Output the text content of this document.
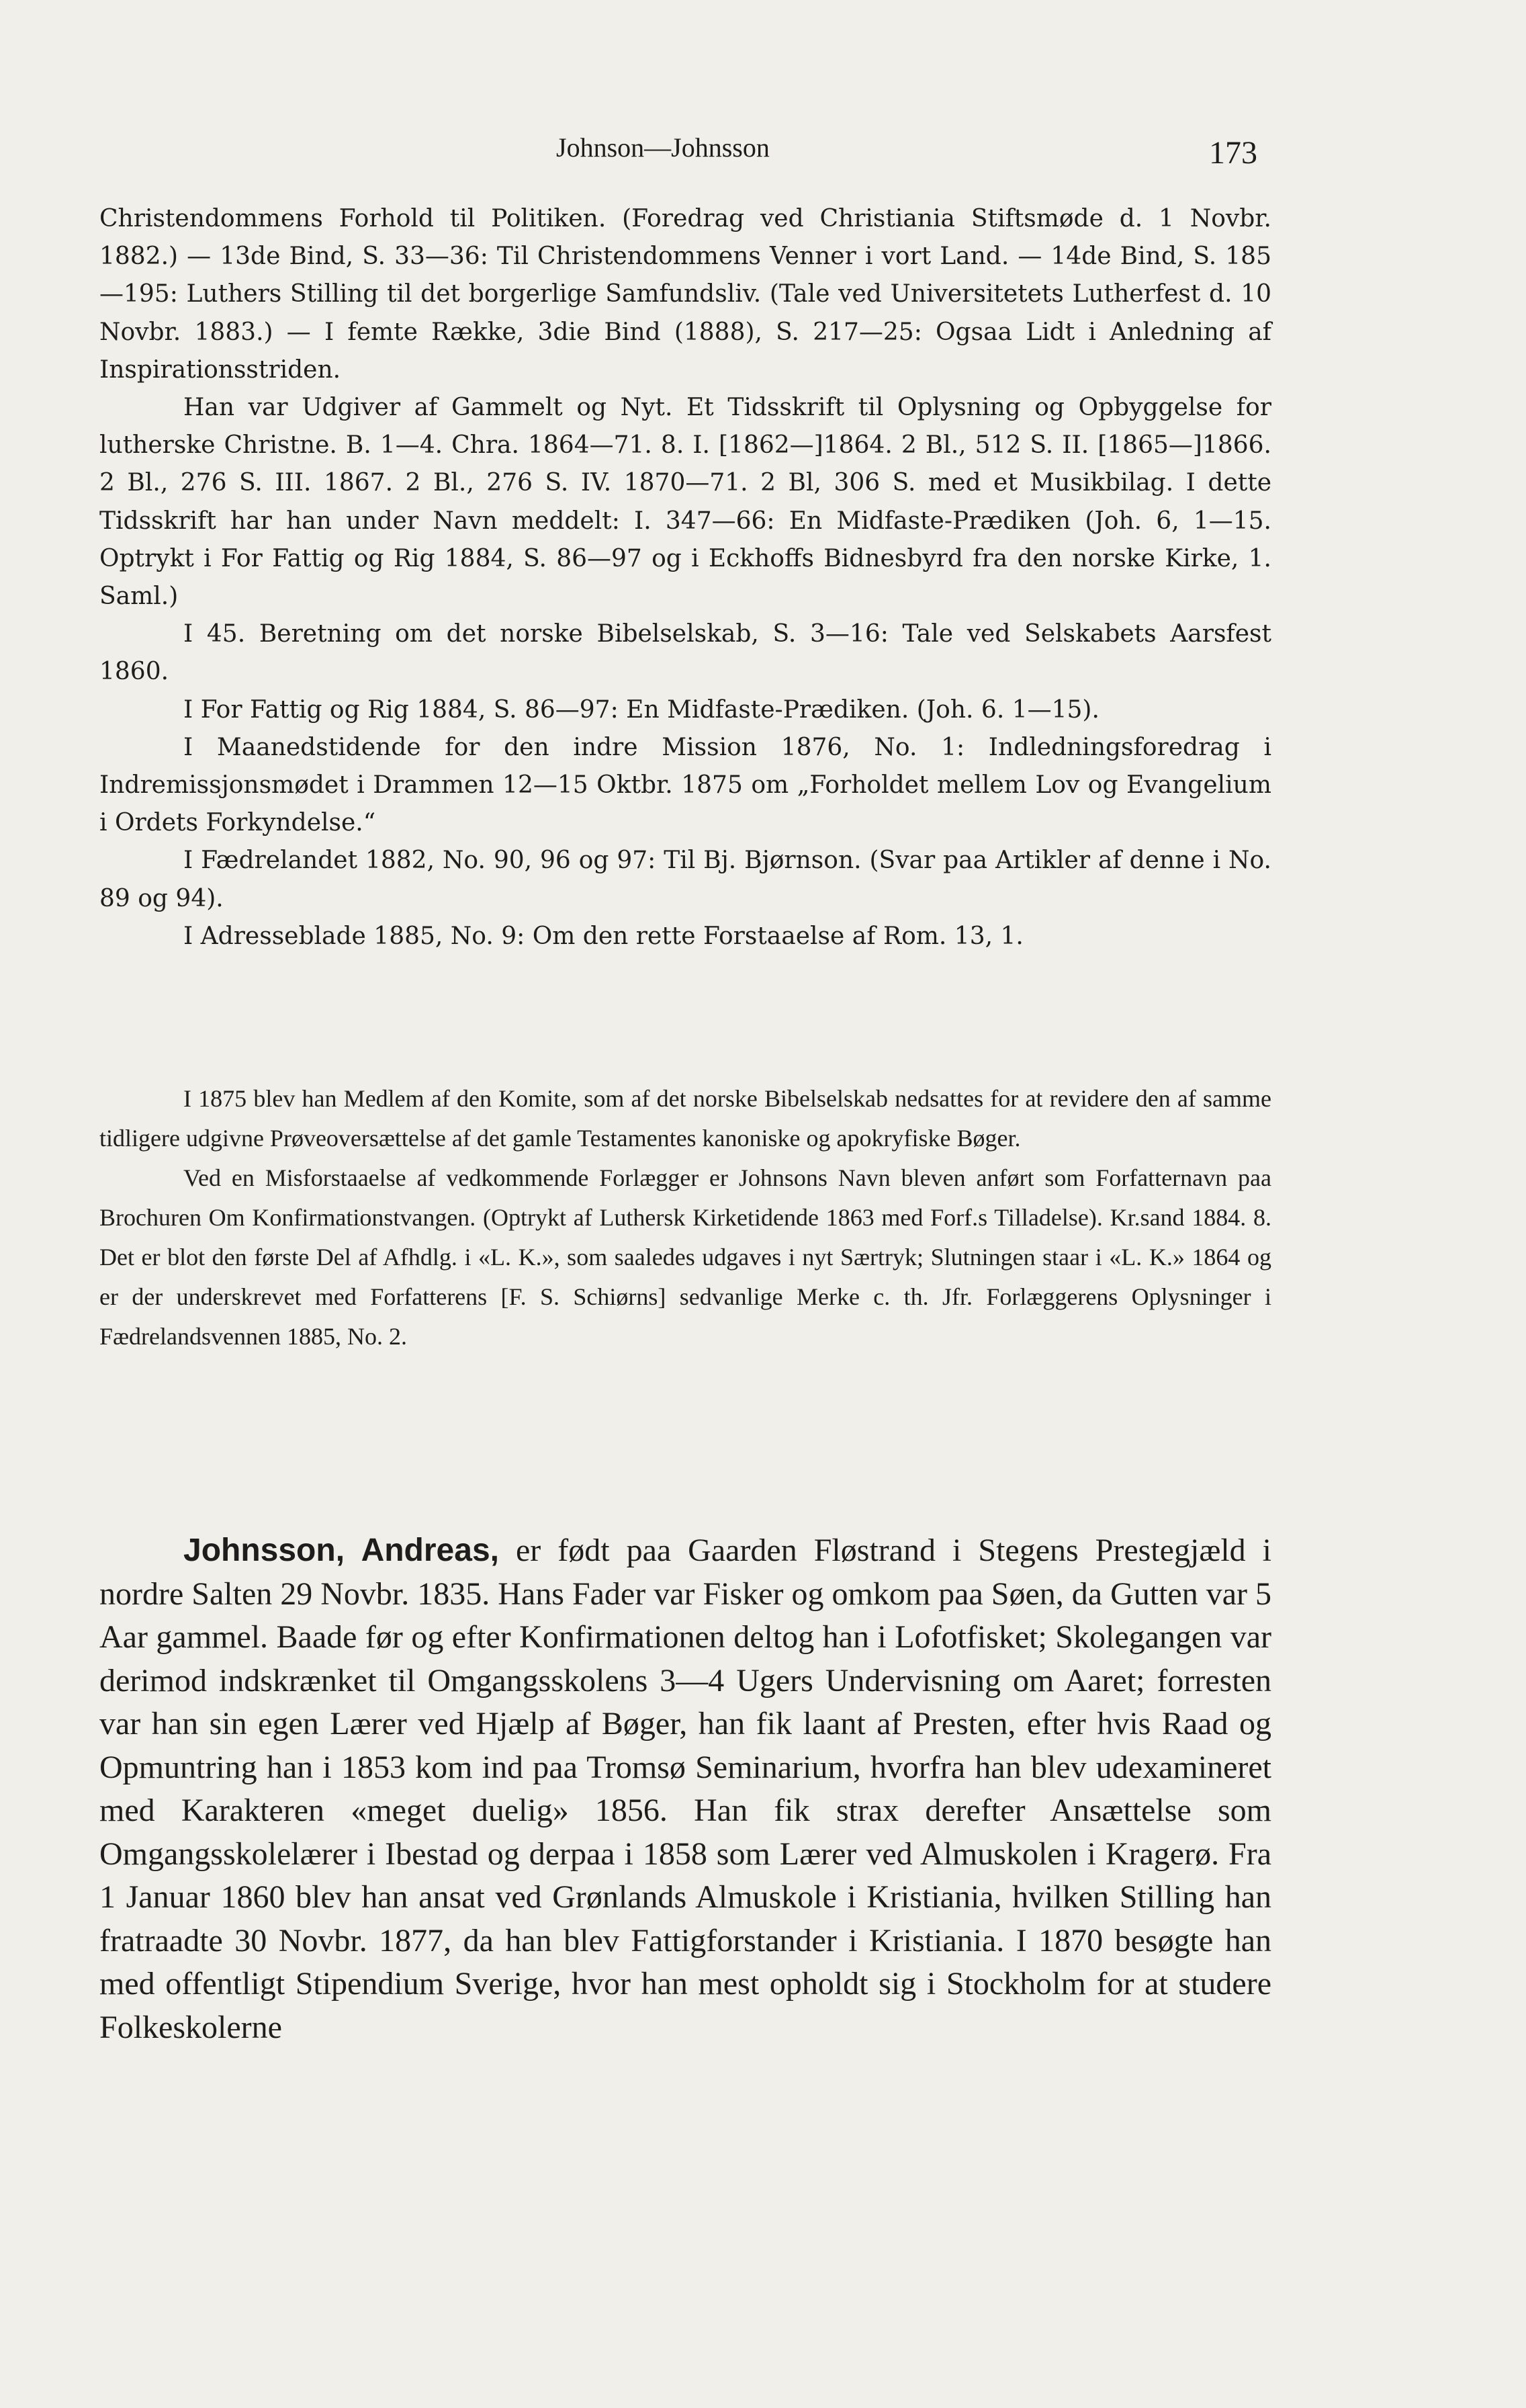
Johnson—Johnsson	173

Christendommens Forhold til Politiken. (Foredrag ved Christiania Stiftsmøde d. 1 Novbr. 1882.) — 13de Bind, S. 33—36: Til Christendommens Venner i vort Land. — 14de Bind, S. 185—195: Luthers Stilling til det borgerlige Samfundsliv. (Tale ved Universitetets Lutherfest d. 10 Novbr. 1883.) — I femte Række, 3die Bind (1888), S. 217—25: Ogsaa Lidt i Anledning af Inspirationsstriden.

Han var Udgiver af Gammelt og Nyt. Et Tidsskrift til Oplysning og Opbyggelse for lutherske Christne. B. 1—4. Chra. 1864—71. 8. I. [1862—]1864. 2 Bl., 512 S. II. [1865—]1866. 2 Bl., 276 S. III. 1867. 2 Bl., 276 S. IV. 1870—71. 2 Bl, 306 S. med et Musikbilag. I dette Tidsskrift har han under Navn meddelt: I. 347—66: En Midfaste-Prædiken (Joh. 6, 1—15. Optrykt i For Fattig og Rig 1884, S. 86—97 og i Eckhoffs Bidnesbyrd fra den norske Kirke, 1. Saml.)

I 45. Beretning om det norske Bibelselskab, S. 3—16: Tale ved Selskabets Aarsfest 1860.

I For Fattig og Rig 1884, S. 86—97: En Midfaste-Prædiken. (Joh. 6. 1—15).

I Maanedstidende for den indre Mission 1876, No. 1: Indledningsforedrag i Indremissjonsmødet i Drammen 12—15 Oktbr. 1875 om „Forholdet mellem Lov og Evangelium i Ordets Forkyndelse.“

I Fædrelandet 1882, No. 90, 96 og 97: Til Bj. Bjørnson. (Svar paa Artikler af denne i No. 89 og 94).

I Adresseblade 1885, No. 9: Om den rette Forstaaelse af Rom. 13, 1.

I 1875 blev han Medlem af den Komite, som af det norske Bibelselskab nedsattes for at revidere den af samme tidligere udgivne Prøveoversættelse af det gamle Testamentes kanoniske og apokryfiske Bøger.

Ved en Misforstaaelse af vedkommende Forlægger er Johnsons Navn bleven anført som Forfatternavn paa Brochuren Om Konfirmationstvangen. (Optrykt af Luthersk Kirketidende 1863 med Forf.s Tilladelse). Kr.sand 1884. 8. Det er blot den første Del af Afhdlg. i «L. K.», som saaledes udgaves i nyt Særtryk; Slutningen staar i «L. K.» 1864 og er der underskrevet med Forfatterens [F. S. Schiørns] sedvanlige Merke c. th. Jfr. Forlæggerens Oplysninger i Fædrelandsvennen 1885, No. 2.

Johnsson, Andreas, er født paa Gaarden Fløstrand i Stegens Prestegjæld i nordre Salten 29 Novbr. 1835. Hans Fader var Fisker og omkom paa Søen, da Gutten var 5 Aar gammel. Baade før og efter Konfirmationen deltog han i Lofotfisket; Skolegangen var derimod indskrænket til Omgangsskolens 3—4 Ugers Undervisning om Aaret; forresten var han sin egen Lærer ved Hjælp af Bøger, han fik laant af Presten, efter hvis Raad og Opmuntring han i 1853 kom ind paa Tromsø Seminarium, hvorfra han blev udexamineret med Karakteren «meget duelig» 1856. Han fik strax derefter Ansættelse som Omgangsskolelærer i Ibestad og derpaa i 1858 som Lærer ved Almuskolen i Kragerø. Fra 1 Januar 1860 blev han ansat ved Grønlands Almuskole i Kristiania, hvilken Stilling han fratraadte 30 Novbr. 1877, da han blev Fattigforstander i Kristiania. I 1870 besøgte han med offentligt Stipendium Sverige, hvor han mest opholdt sig i Stockholm for at studere Folkeskolerne
